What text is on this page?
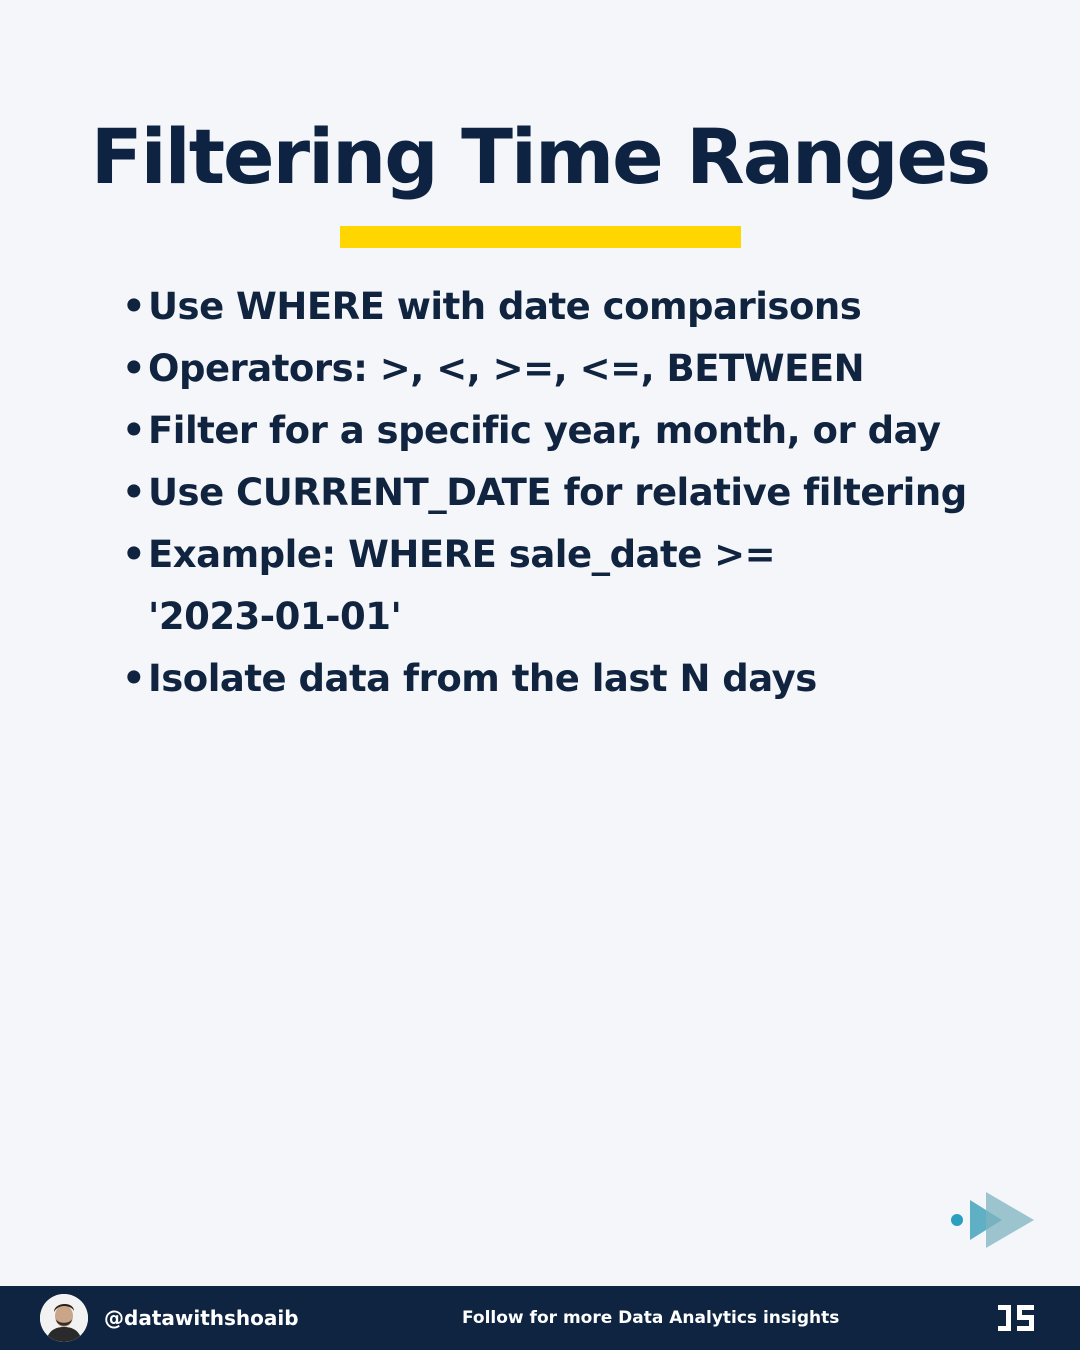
Filtering Time Ranges
•Use WHERE with date comparisons
•Operators: >, <, >=, <=, BETWEEN
•Filter for a specific year, month, or day
•Use CURRENT_DATE for relative filtering
•Example: WHERE sale_date >= '2023-01-01'
•Isolate data from the last N days
@datawithshoaib	Follow for more Data Analytics insights
